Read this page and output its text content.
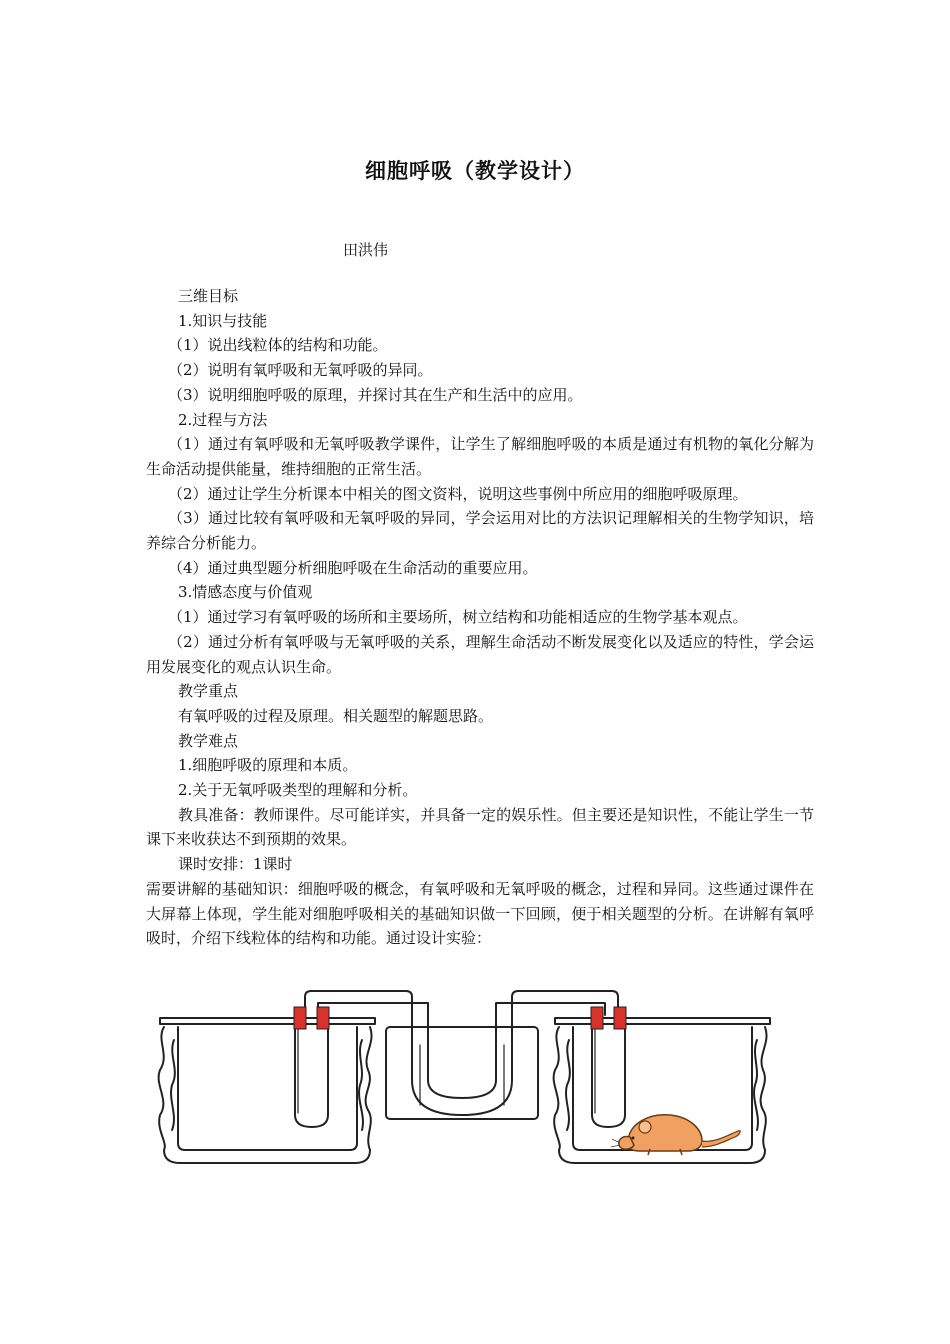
细胞呼吸（教学设计）
田洪伟

三维目标

1.知识与技能

（1）说出线粒体的结构和功能。

（2）说明有氧呼吸和无氧呼吸的异同。

（3）说明细胞呼吸的原理，并探讨其在生产和生活中的应用。

2.过程与方法

（1）通过有氧呼吸和无氧呼吸教学课件，让学生了解细胞呼吸的本质是通过有机物的氧化分解为生命活动提供能量，维持细胞的正常生活。

（2）通过让学生分析课本中相关的图文资料，说明这些事例中所应用的细胞呼吸原理。

（3）通过比较有氧呼吸和无氧呼吸的异同，学会运用对比的方法识记理解相关的生物学知识，培养综合分析能力。

（4）通过典型题分析细胞呼吸在生命活动的重要应用。

3.情感态度与价值观

（1）通过学习有氧呼吸的场所和主要场所，树立结构和功能相适应的生物学基本观点。

（2）通过分析有氧呼吸与无氧呼吸的关系，理解生命活动不断发展变化以及适应的特性，学会运用发展变化的观点认识生命。

教学重点

有氧呼吸的过程及原理。相关题型的解题思路。

教学难点

1.细胞呼吸的原理和本质。

2.关于无氧呼吸类型的理解和分析。

教具准备：教师课件。尽可能详实，并具备一定的娱乐性。但主要还是知识性，不能让学生一节课下来收获达不到预期的效果。

课时安排：1课时

需要讲解的基础知识：细胞呼吸的概念，有氧呼吸和无氧呼吸的概念，过程和异同。这些通过课件在大屏幕上体现，学生能对细胞呼吸相关的基础知识做一下回顾，便于相关题型的分析。在讲解有氧呼吸时，介绍下线粒体的结构和功能。通过设计实验：
